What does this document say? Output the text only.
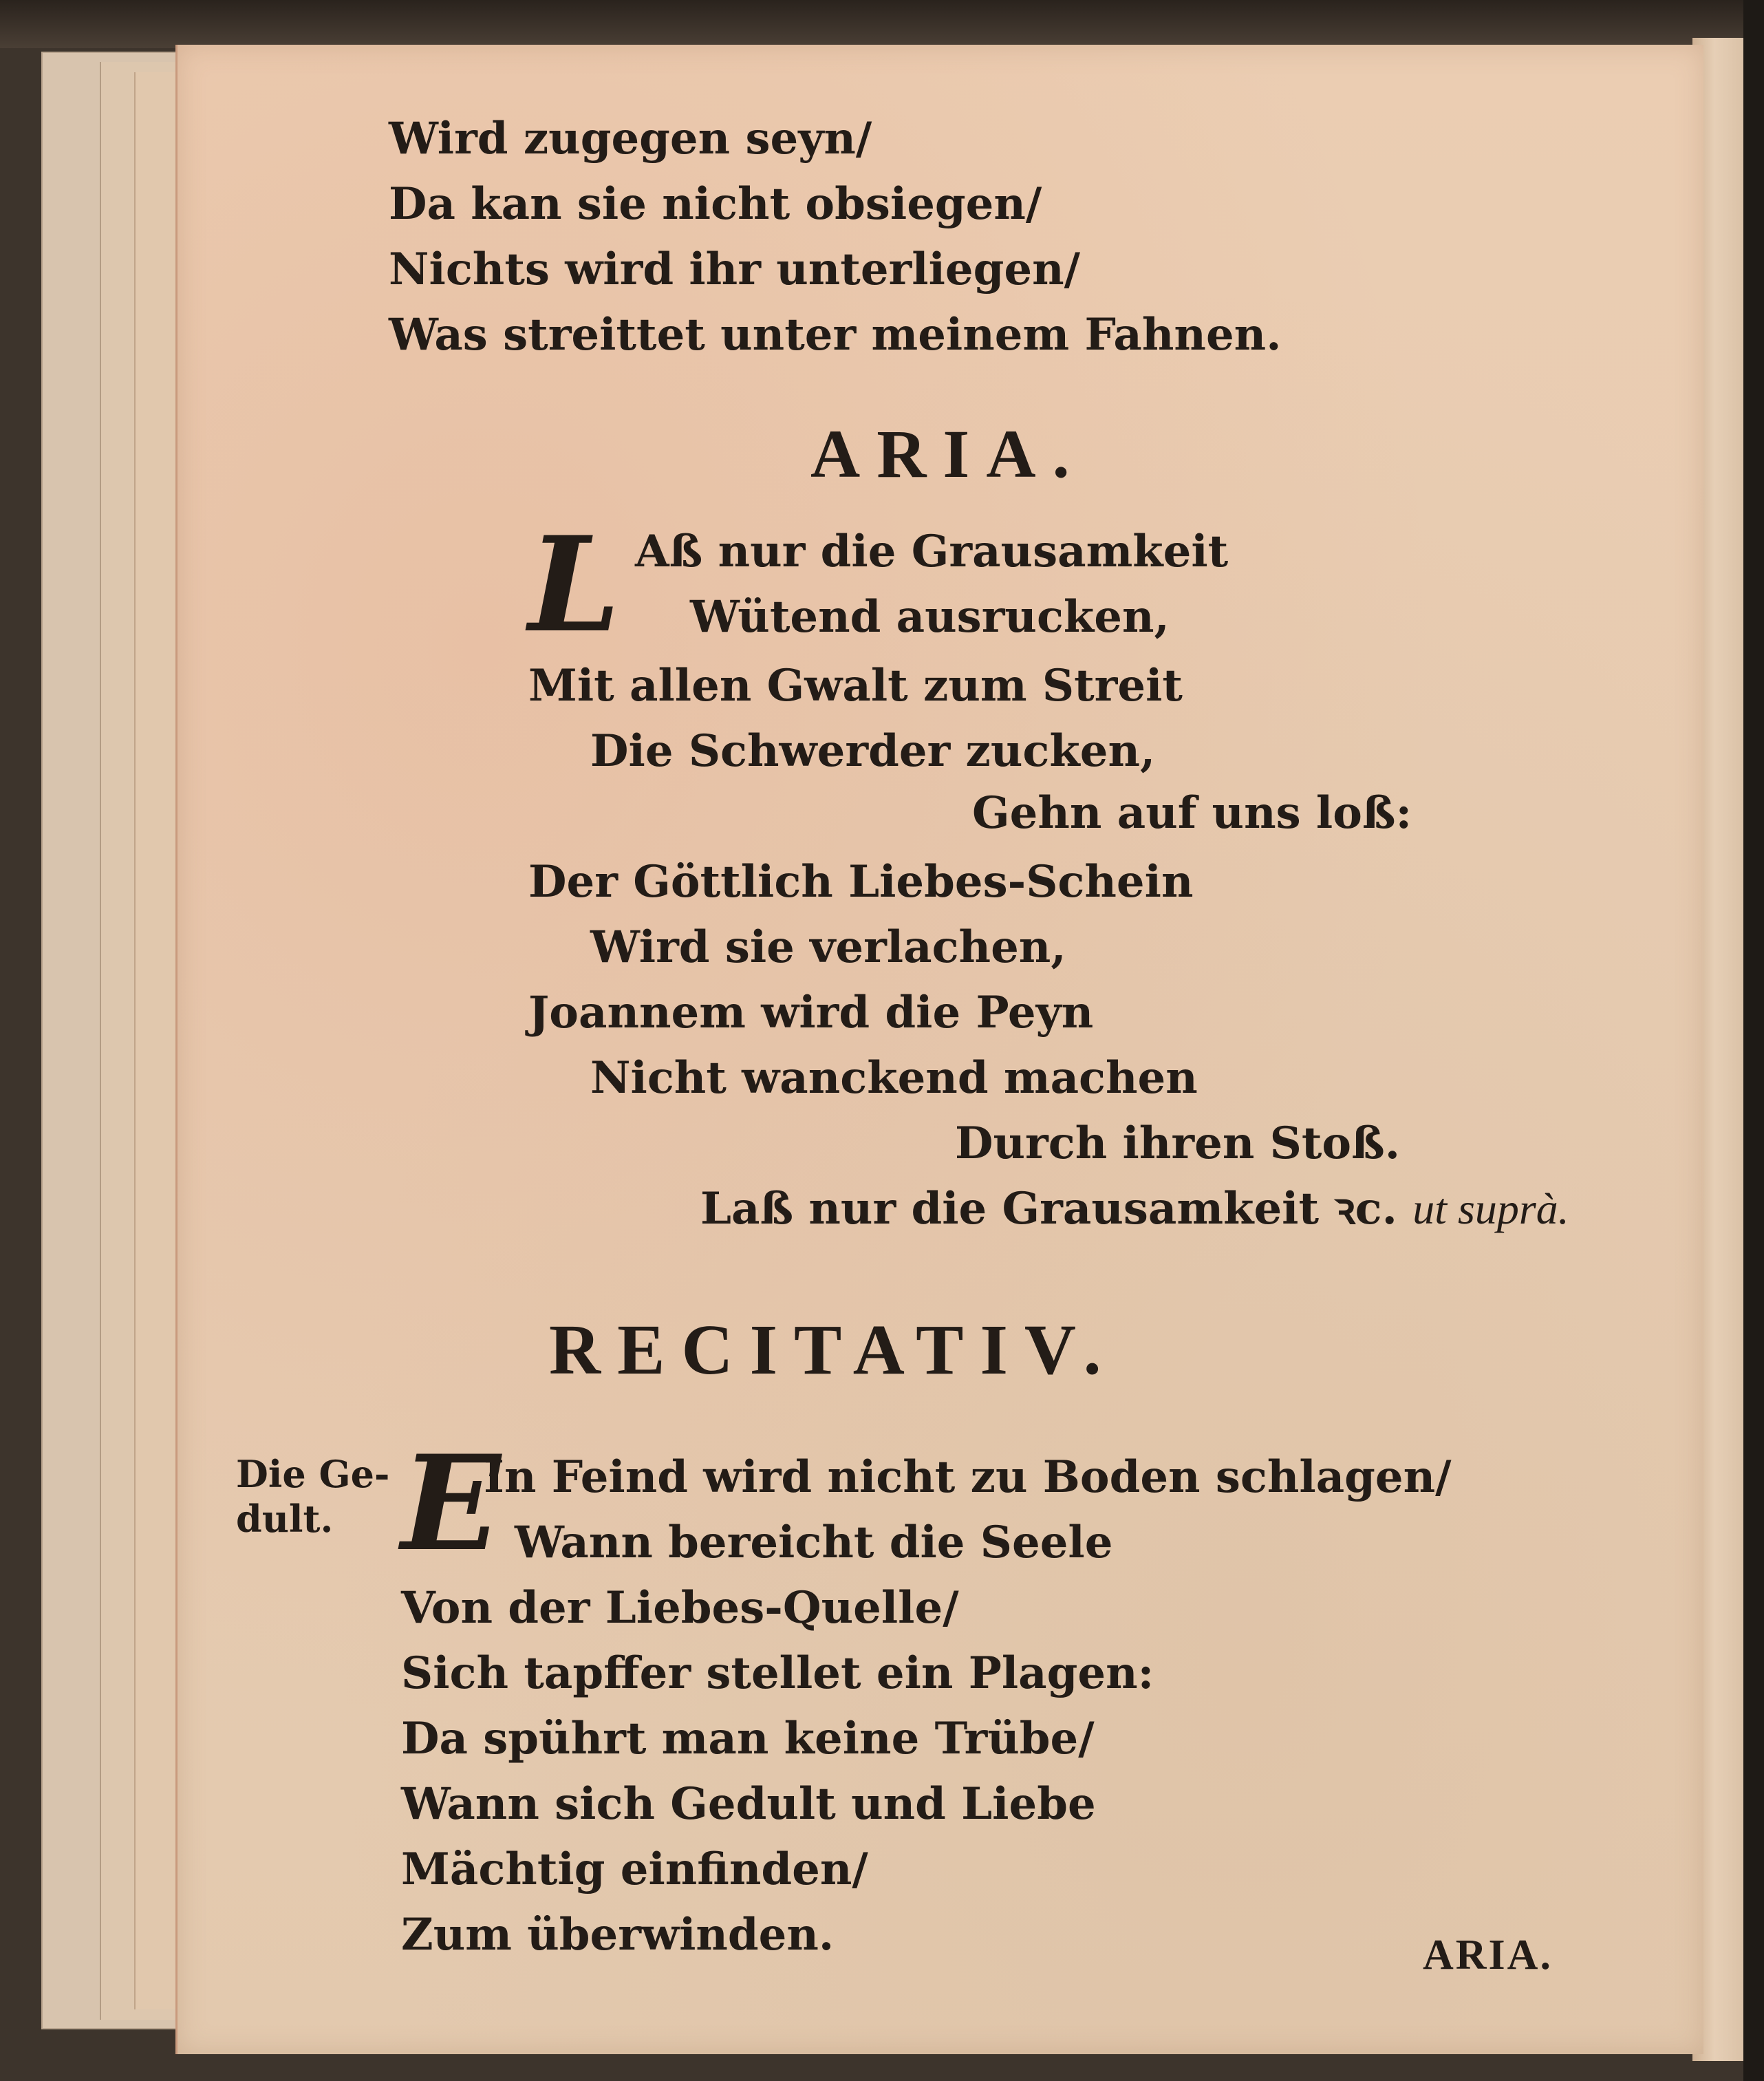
Wird zugegen seyn/
Da kan sie nicht obsiegen/
Nichts wird ihr unterliegen/
Was streittet unter meinem Fahnen.
ARIA.
L Aß nur die Grausamkeit
Wütend ausrucken,
Mit allen Gwalt zum Streit
Die Schwerder zucken,
Gehn auf uns loß:
Der Göttlich Liebes-Schein
Wird sie verlachen,
Joannem wird die Peyn
Nicht wanckend machen
Durch ihren Stoß.
Laß nur die Grausamkeit ꝛc. ut suprà.
RECITATIV.
Die Ge-
dult. E
In Feind wird nicht zu Boden schlagen/
Wann bereicht die Seele
Von der Liebes-Quelle/
Sich tapffer stellet ein Plagen:
Da spührt man keine Trübe/
Wann sich Gedult und Liebe
Mächtig einfinden/
Zum überwinden.	ARIA.
